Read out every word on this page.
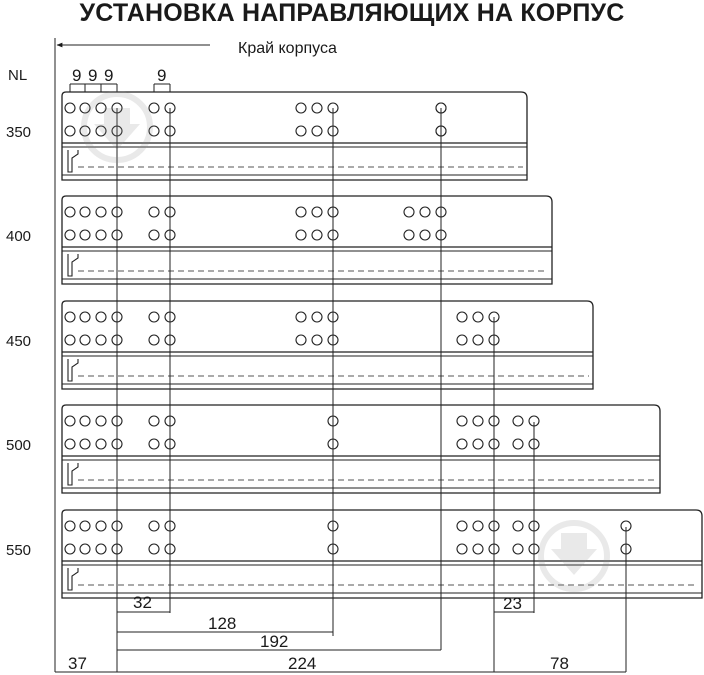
УСТАНОВКА НАПРАВЛЯЮЩИХ НА КОРПУС
Край корпуса
NL	9 9 9	9
350
400
450
500
550
32	23
128
192
37	224	78
